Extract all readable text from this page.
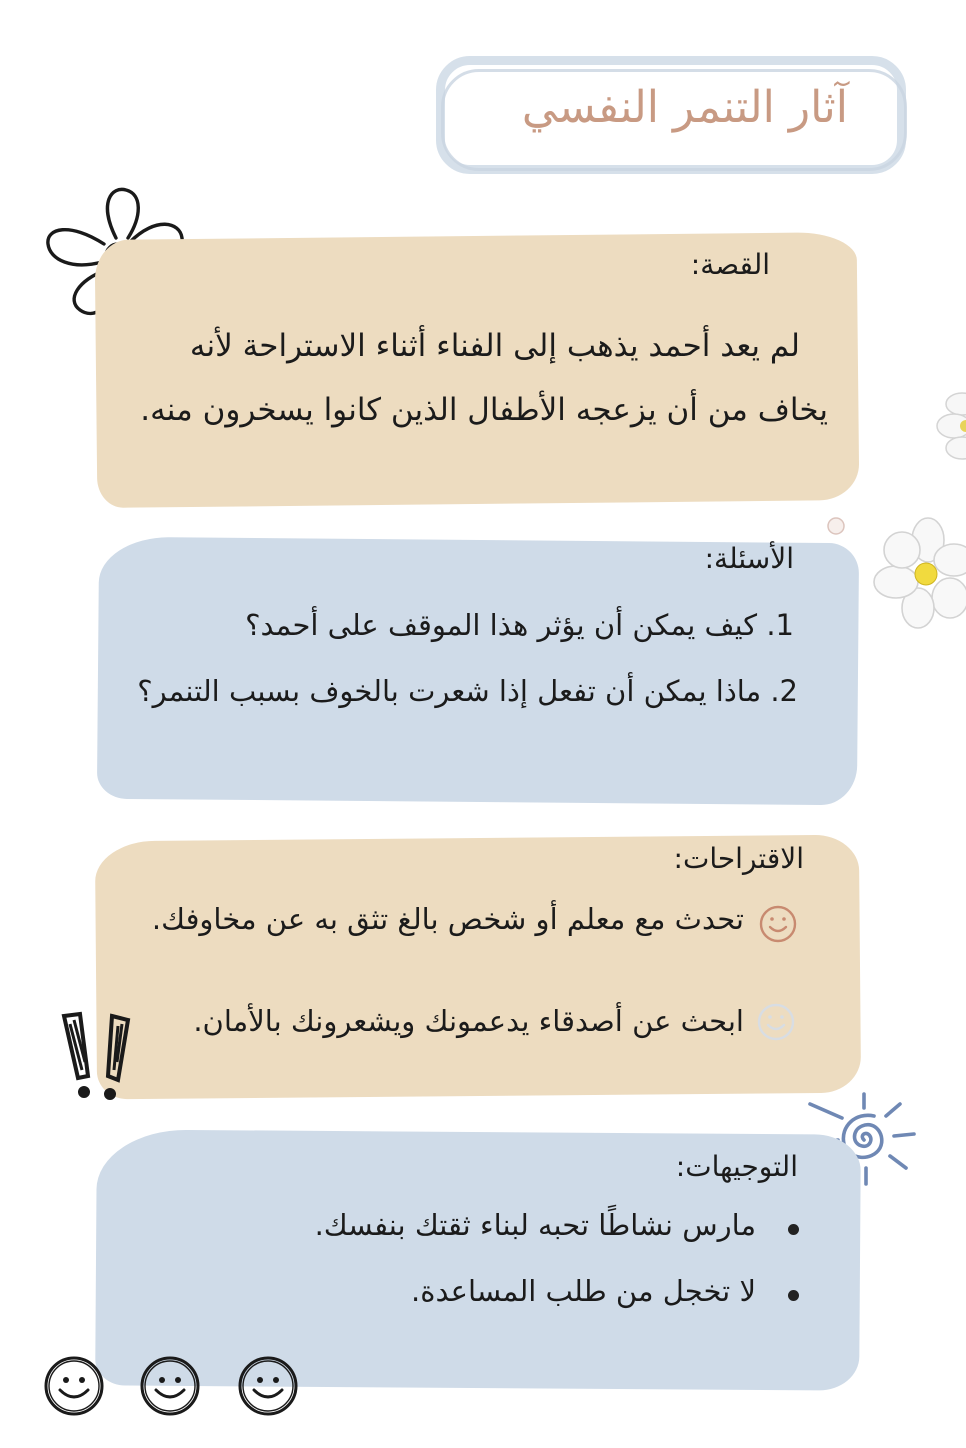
آثار التنمر النفسي
القصة:
لم يعد أحمد يذهب إلى الفناء أثناء الاستراحة لأنه
يخاف من أن يزعجه الأطفال الذين كانوا يسخرون منه.
الأسئلة:
1. كيف يمكن أن يؤثر هذا الموقف على أحمد؟
2. ماذا يمكن أن تفعل إذا شعرت بالخوف بسبب التنمر؟
الاقتراحات:
تحدث مع معلم أو شخص بالغ تثق به عن مخاوفك.
ابحث عن أصدقاء يدعمونك ويشعرونك بالأمان.
التوجيهات:
مارس نشاطًا تحبه لبناء ثقتك بنفسك.
لا تخجل من طلب المساعدة.
